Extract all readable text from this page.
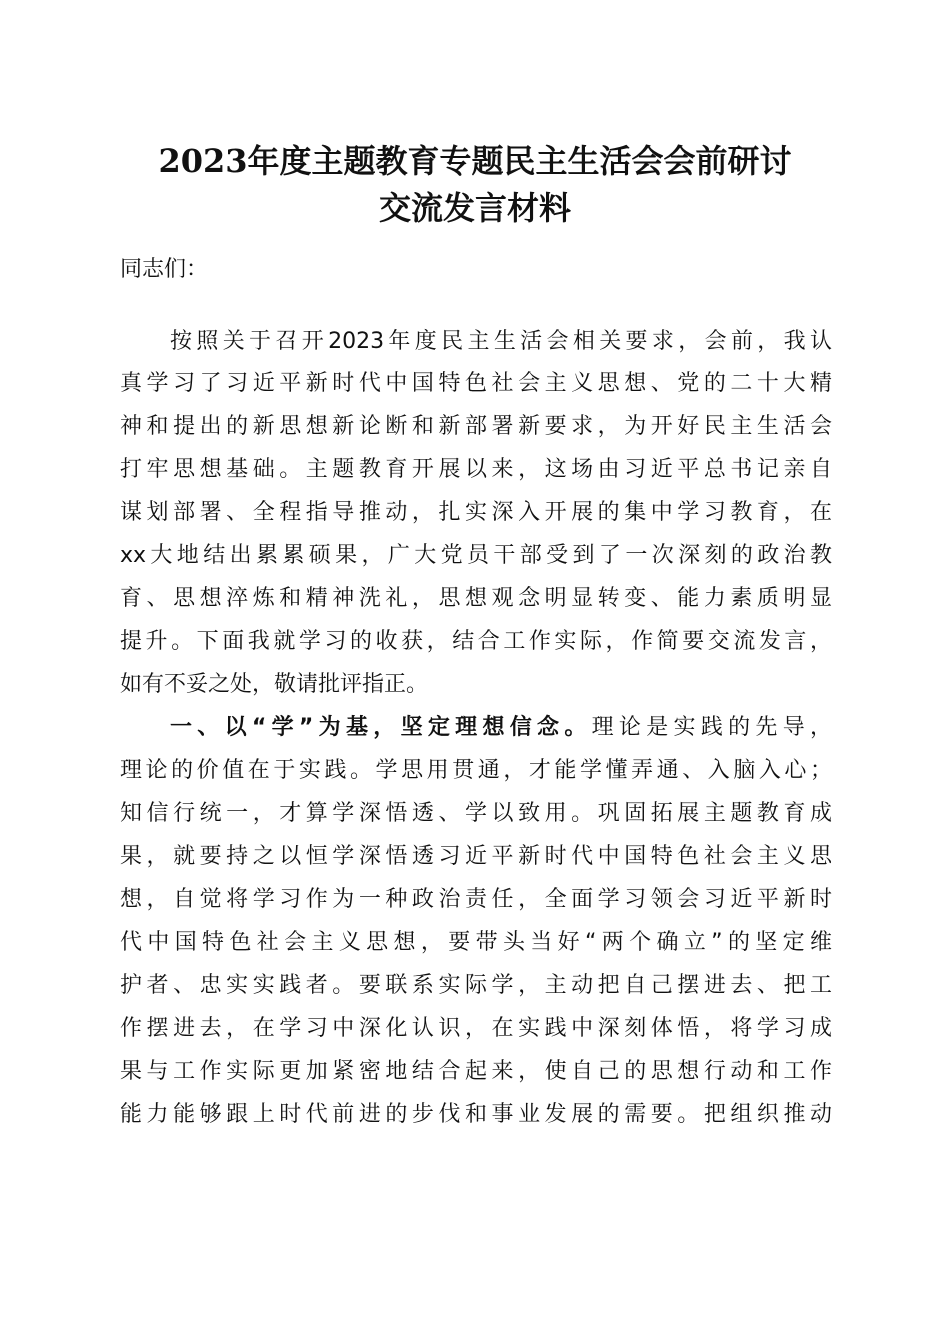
2023年度主题教育专题民主生活会会前研讨
交流发言材料
同志们：
按照关于召开2023年度民主生活会相关要求，会前，我认
真学习了习近平新时代中国特色社会主义思想、党的二十大精
神和提出的新思想新论断和新部署新要求，为开好民主生活会
打牢思想基础。主题教育开展以来，这场由习近平总书记亲自
谋划部署、全程指导推动，扎实深入开展的集中学习教育，在
xx大地结出累累硕果，广大党员干部受到了一次深刻的政治教
育、思想淬炼和精神洗礼，思想观念明显转变、能力素质明显
提升。下面我就学习的收获，结合工作实际，作简要交流发言，
如有不妥之处，敬请批评指正。
一、以“学”为基，坚定理想信念。理论是实践的先导，
理论的价值在于实践。学思用贯通，才能学懂弄通、入脑入心；
知信行统一，才算学深悟透、学以致用。巩固拓展主题教育成
果，就要持之以恒学深悟透习近平新时代中国特色社会主义思
想，自觉将学习作为一种政治责任，全面学习领会习近平新时
代中国特色社会主义思想，要带头当好“两个确立”的坚定维
护者、忠实实践者。要联系实际学，主动把自己摆进去、把工
作摆进去，在学习中深化认识，在实践中深刻体悟，将学习成
果与工作实际更加紧密地结合起来，使自己的思想行动和工作
能力能够跟上时代前进的步伐和事业发展的需要。把组织推动
